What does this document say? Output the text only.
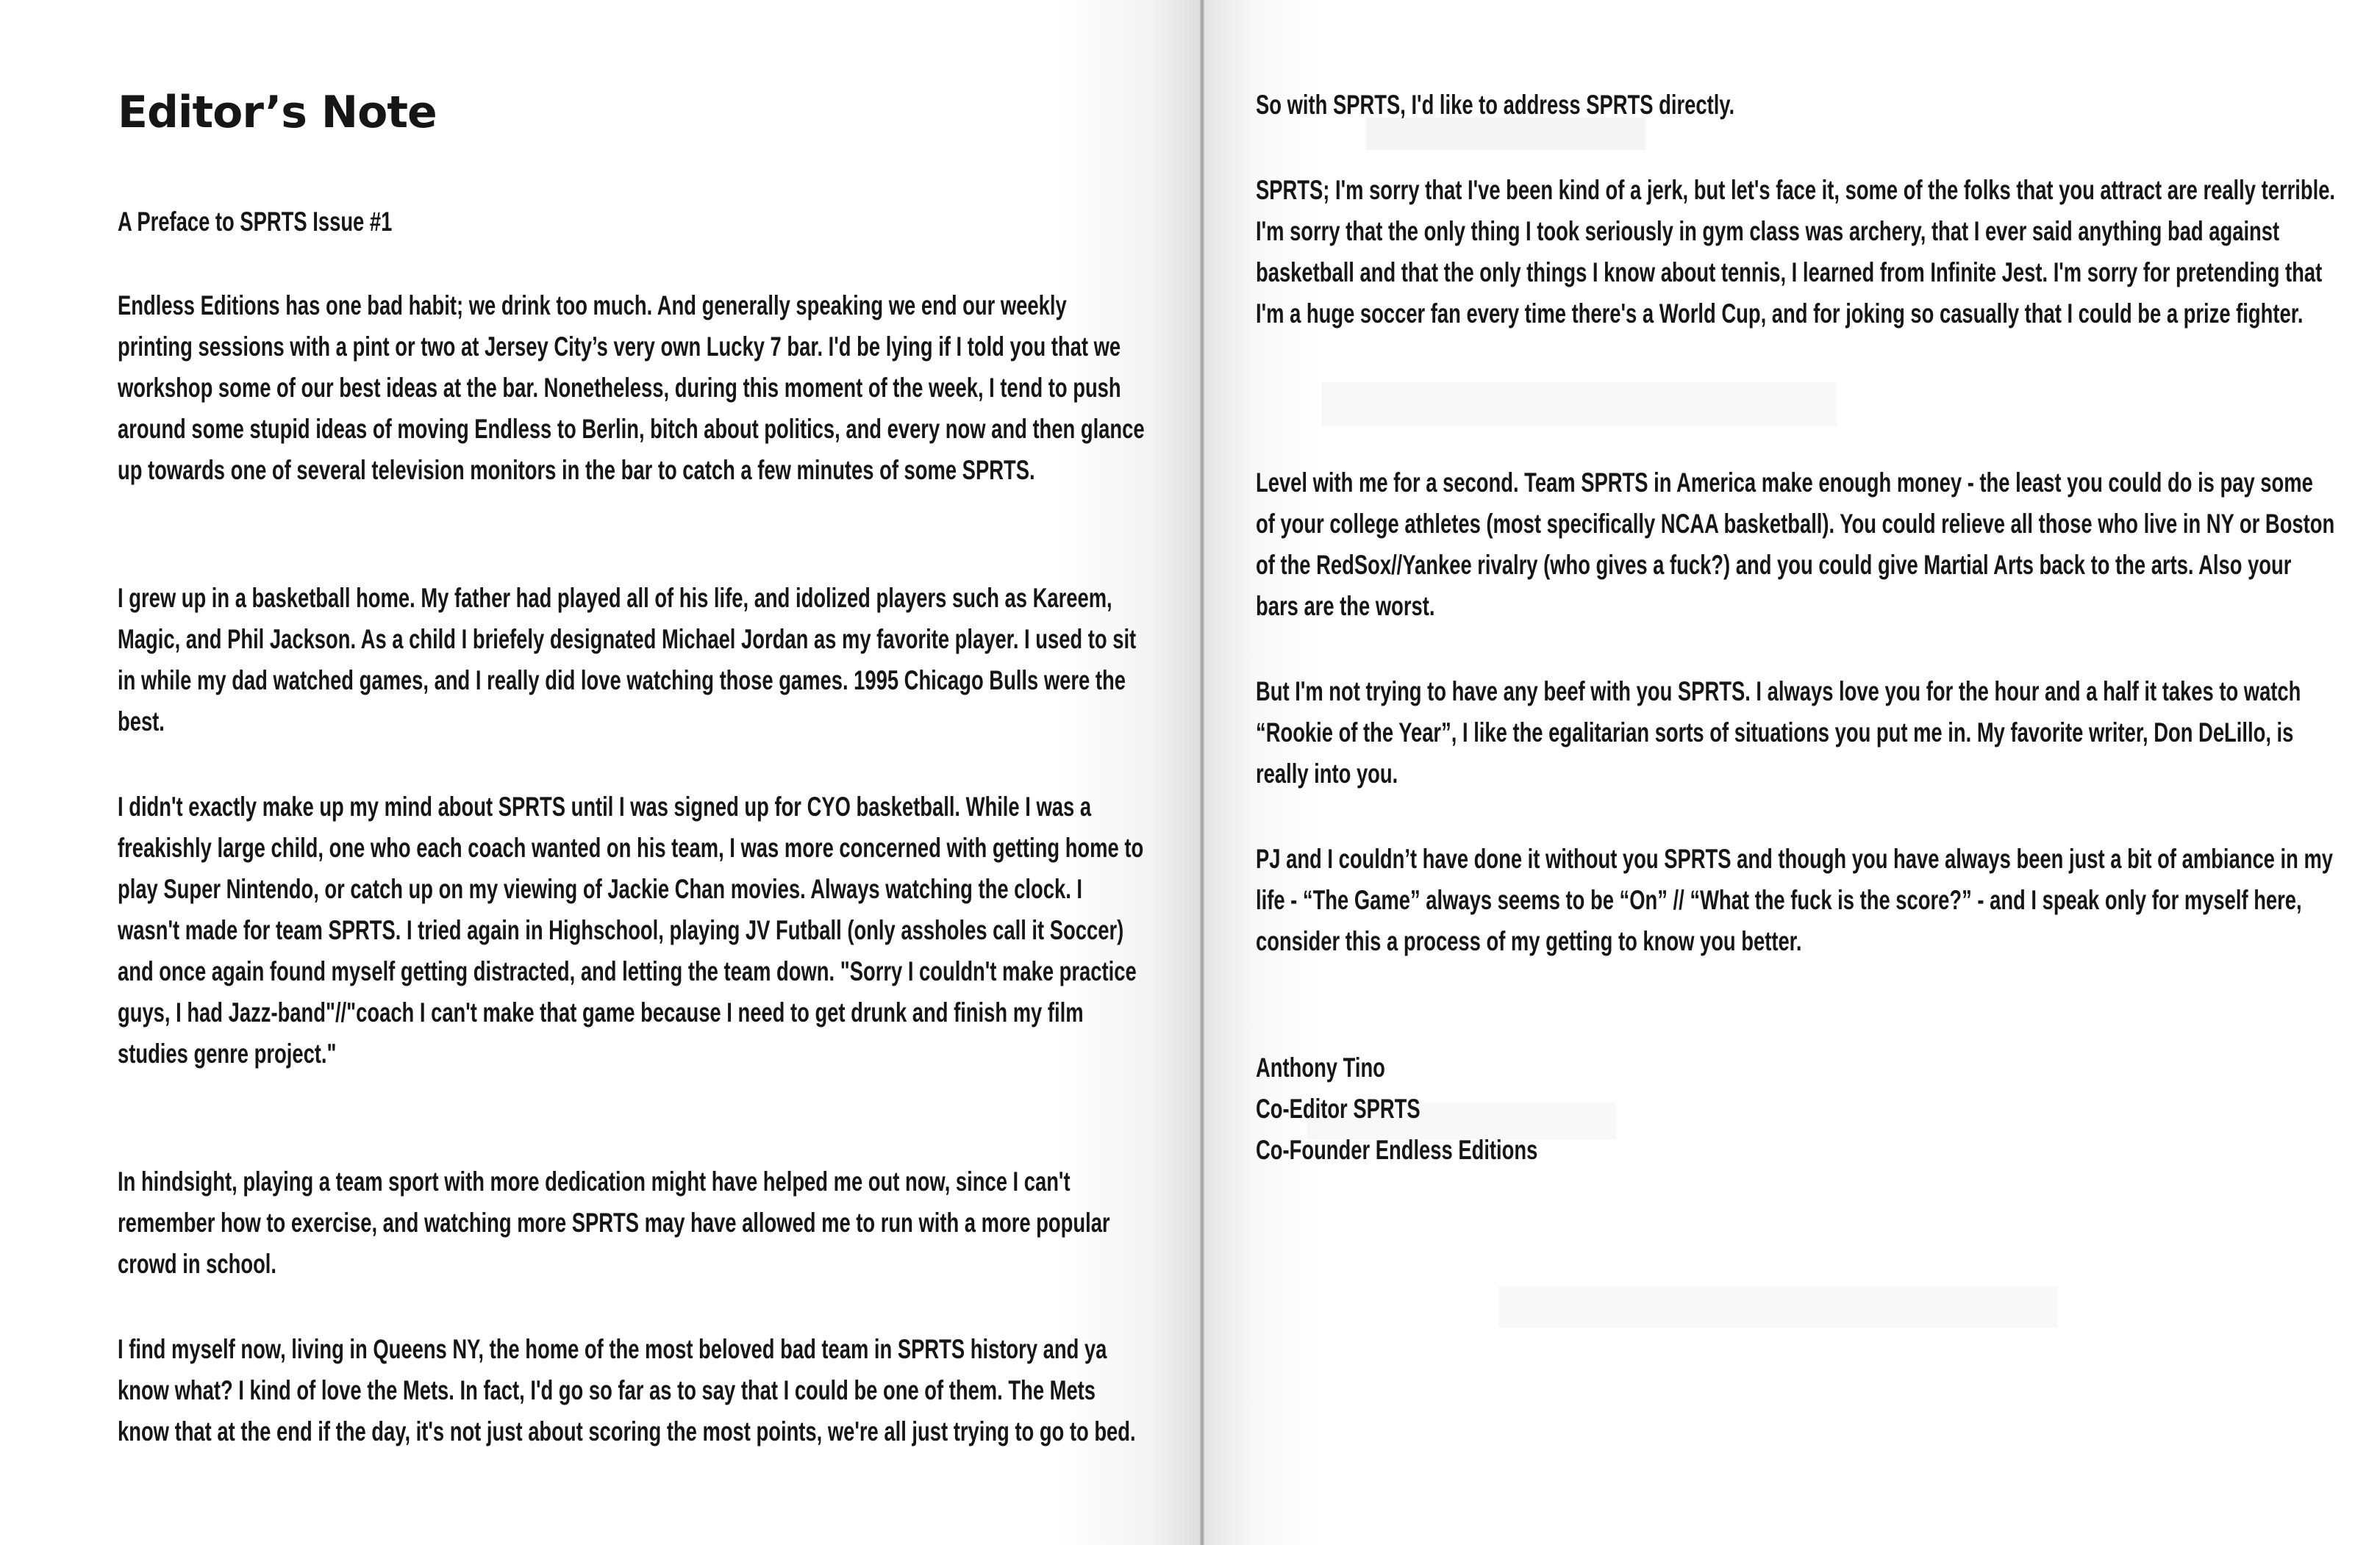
Editor’s Note
A Preface to SPRTS Issue #1

Endless Editions has one bad habit; we drink too much. And generally speaking we end our weekly printing sessions with a pint or two at Jersey City’s very own Lucky 7 bar. I'd be lying if I told you that we workshop some of our best ideas at the bar. Nonetheless, during this moment of the week, I tend to push around some stupid ideas of moving Endless to Berlin, bitch about politics, and every now and then glance up towards one of several television monitors in the bar to catch a few minutes of some SPRTS.

I grew up in a basketball home. My father had played all of his life, and idolized players such as Kareem, Magic, and Phil Jackson. As a child I briefely designated Michael Jordan as my favorite player. I used to sit in while my dad watched games, and I really did love watching those games. 1995 Chicago Bulls were the best.

I didn't exactly make up my mind about SPRTS until I was signed up for CYO basketball. While I was a freakishly large child, one who each coach wanted on his team, I was more concerned with getting home to play Super Nintendo, or catch up on my viewing of Jackie Chan movies. Always watching the clock. I wasn't made for team SPRTS. I tried again in Highschool, playing JV Futball (only assholes call it Soccer) and once again found myself getting distracted, and letting the team down. "Sorry I couldn't make practice guys, I had Jazz-band"//"coach I can't make that game because I need to get drunk and finish my film studies genre project."

In hindsight, playing a team sport with more dedication might have helped me out now, since I can't remember how to exercise, and watching more SPRTS may have allowed me to run with a more popular crowd in school.

I find myself now, living in Queens NY, the home of the most beloved bad team in SPRTS history and ya know what? I kind of love the Mets. In fact, I'd go so far as to say that I could be one of them. The Mets know that at the end if the day, it's not just about scoring the most points, we're all just trying to go to bed.

So with SPRTS, I'd like to address SPRTS directly.

SPRTS; I'm sorry that I've been kind of a jerk, but let's face it, some of the folks that you attract are really terrible. I'm sorry that the only thing I took seriously in gym class was archery, that I ever said anything bad against basketball and that the only things I know about tennis, I learned from Infinite Jest. I'm sorry for pretending that I'm a huge soccer fan every time there's a World Cup, and for joking so casually that I could be a prize fighter.

Level with me for a second. Team SPRTS in America make enough money - the least you could do is pay some of your college athletes (most specifically NCAA basketball). You could relieve all those who live in NY or Boston of the RedSox//Yankee rivalry (who gives a fuck?) and you could give Martial Arts back to the arts. Also your bars are the worst.

But I'm not trying to have any beef with you SPRTS. I always love you for the hour and a half it takes to watch “Rookie of the Year”, I like the egalitarian sorts of situations you put me in. My favorite writer, Don DeLillo, is really into you.

PJ and I couldn’t have done it without you SPRTS and though you have always been just a bit of ambiance in my life - “The Game” always seems to be “On” // “What the fuck is the score?” - and I speak only for myself here, consider this a process of my getting to know you better.

Anthony Tino
Co-Editor SPRTS
Co-Founder Endless Editions
